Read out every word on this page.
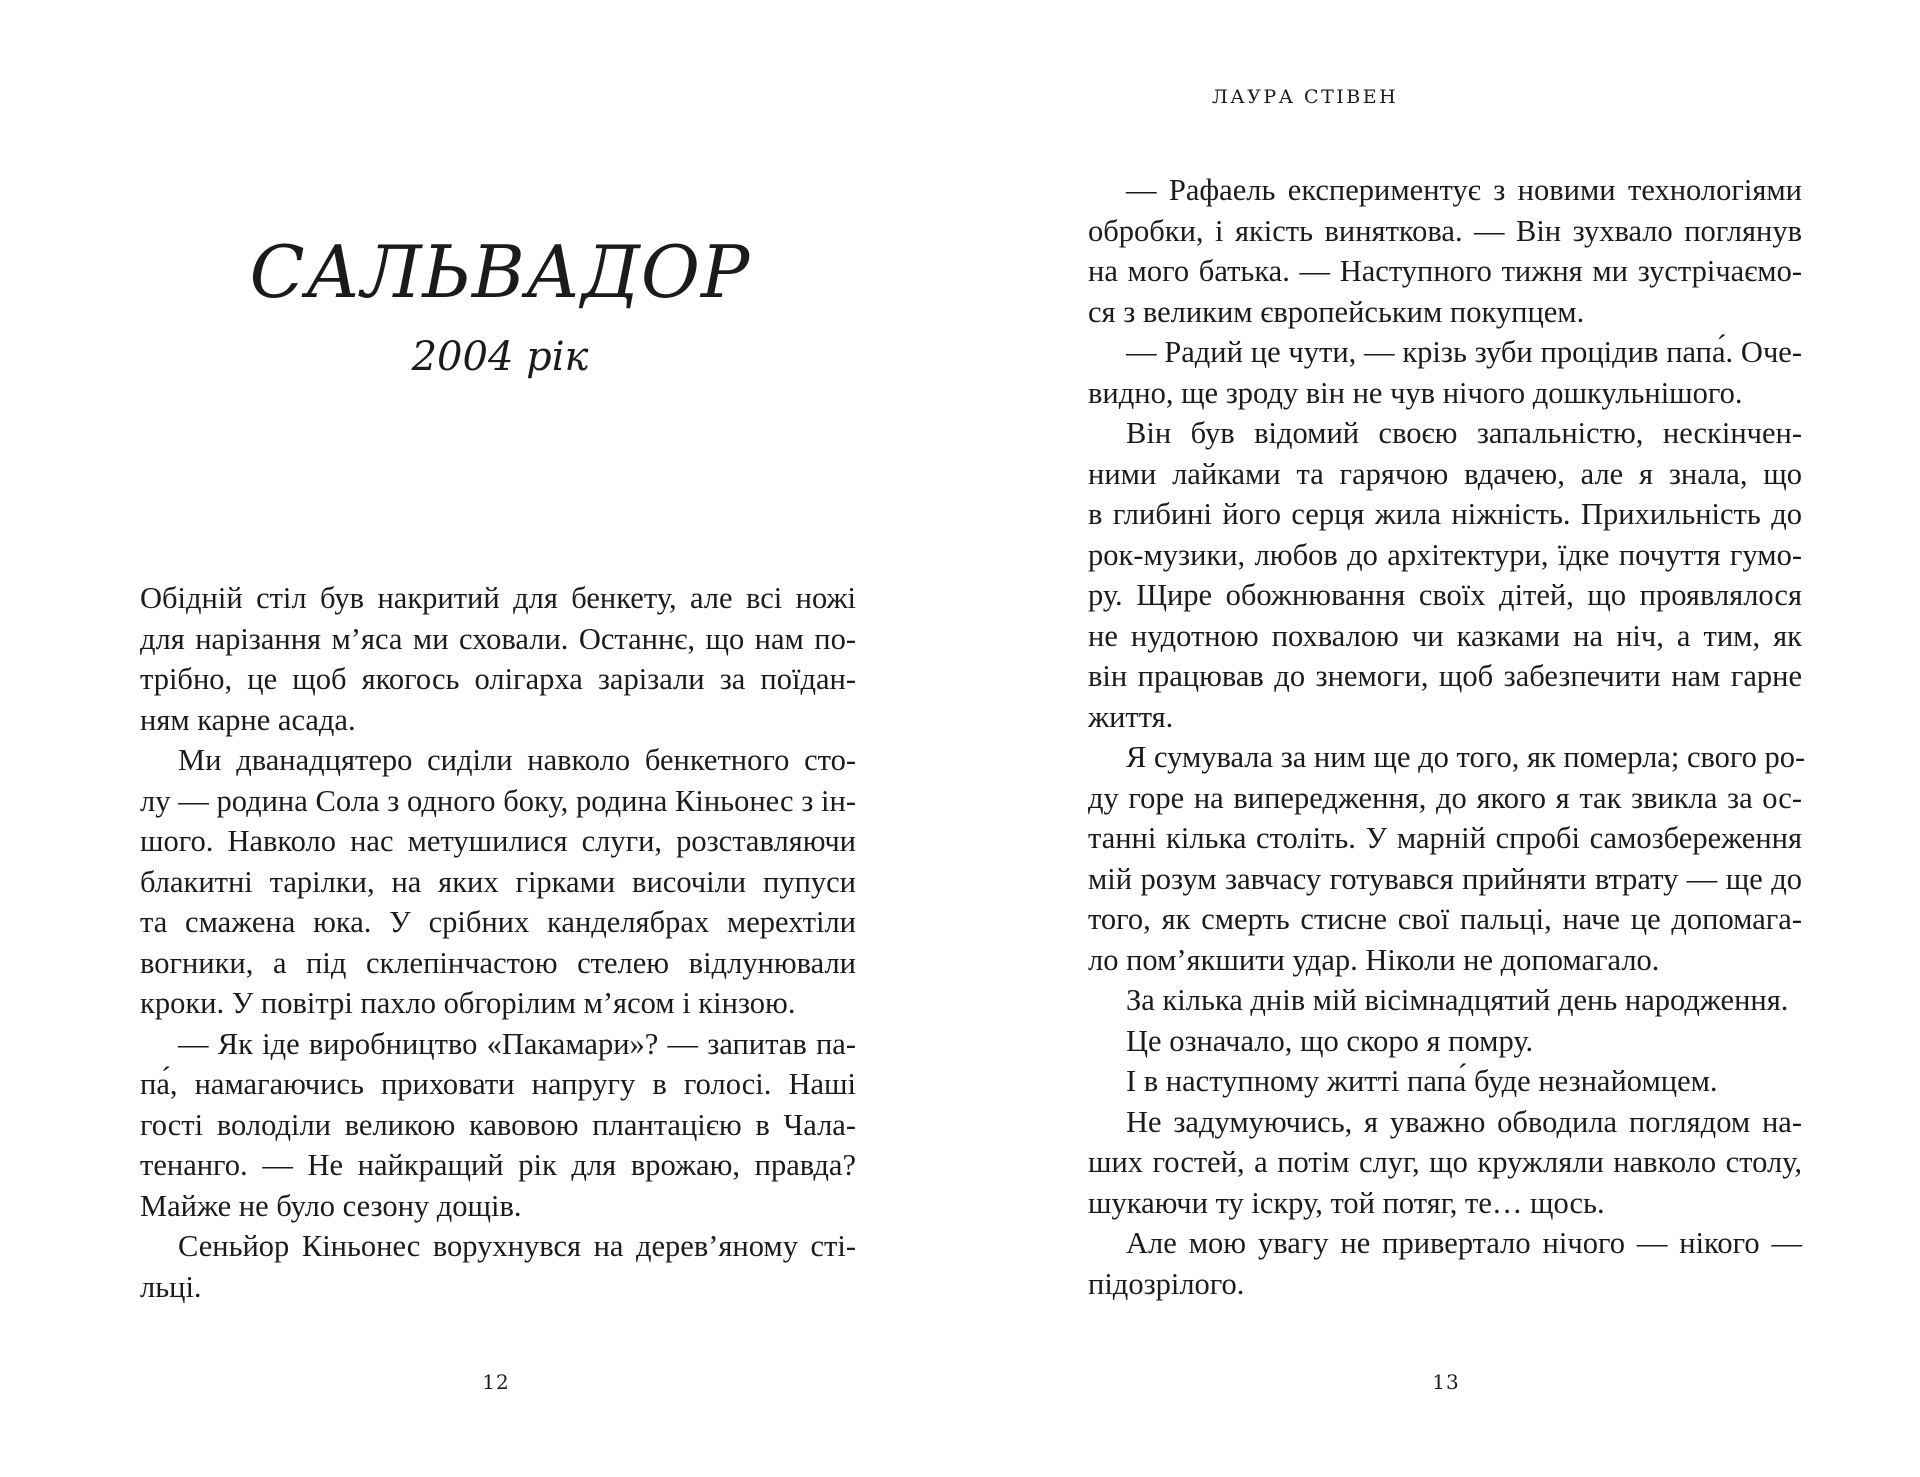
САЛЬВАДОР
2004 рік
Обідній стіл був накритий для бенкету, але всі ножі
для нарізання м’яса ми сховали. Останнє, що нам по-
трібно, це щоб якогось олігарха зарізали за поїдан-
ням карне асада.
Ми дванадцятеро сиділи навколо бенкетного сто-
лу — родина Сола з одного боку, родина Кіньонес з ін-
шого. Навколо нас метушилися слуги, розставляючи
блакитні тарілки, на яких гірками височіли пупуси
та смажена юка. У срібних канделябрах мерехтіли
вогники, а під склепінчастою стелею відлунювали
кроки. У повітрі пахло обгорілим м’ясом і кінзою.
— Як іде виробництво «Пакамари»? — запитав па-
па́, намагаючись приховати напругу в голосі. Наші
гості володіли великою кавовою плантацією в Чала-
тенанго. — Не найкращий рік для врожаю, правда?
Майже не було сезону дощів.
Сеньйор Кіньонес ворухнувся на дерев’яному сті-
льці.
12
ЛАУРА СТІВЕН
— Рафаель експериментує з новими технологіями
обробки, і якість виняткова. — Він зухвало поглянув
на мого батька. — Наступного тижня ми зустрічаємо-
ся з великим європейським покупцем.
— Радий це чути, — крізь зуби процідив папа́. Оче-
видно, ще зроду він не чув нічого дошкульнішого.
Він був відомий своєю запальністю, нескінчен-
ними лайками та гарячою вдачею, але я знала, що
в глибині його серця жила ніжність. Прихильність до
рок-музики, любов до архітектури, їдке почуття гумо-
ру. Щире обожнювання своїх дітей, що проявлялося
не нудотною похвалою чи казками на ніч, а тим, як
він працював до знемоги, щоб забезпечити нам гарне
життя.
Я сумувала за ним ще до того, як померла; свого ро-
ду горе на випередження, до якого я так звикла за ос-
танні кілька століть. У марній спробі самозбереження
мій розум завчасу готувався прийняти втрату — ще до
того, як смерть стисне свої пальці, наче це допомага-
ло пом’якшити удар. Ніколи не допомагало.
За кілька днів мій вісімнадцятий день народження.
Це означало, що скоро я помру.
І в наступному житті папа́ буде незнайомцем.
Не задумуючись, я уважно обводила поглядом на-
ших гостей, а потім слуг, що кружляли навколо столу,
шукаючи ту іскру, той потяг, те… щось.
Але мою увагу не привертало нічого — нікого —
підозрілого.
13
